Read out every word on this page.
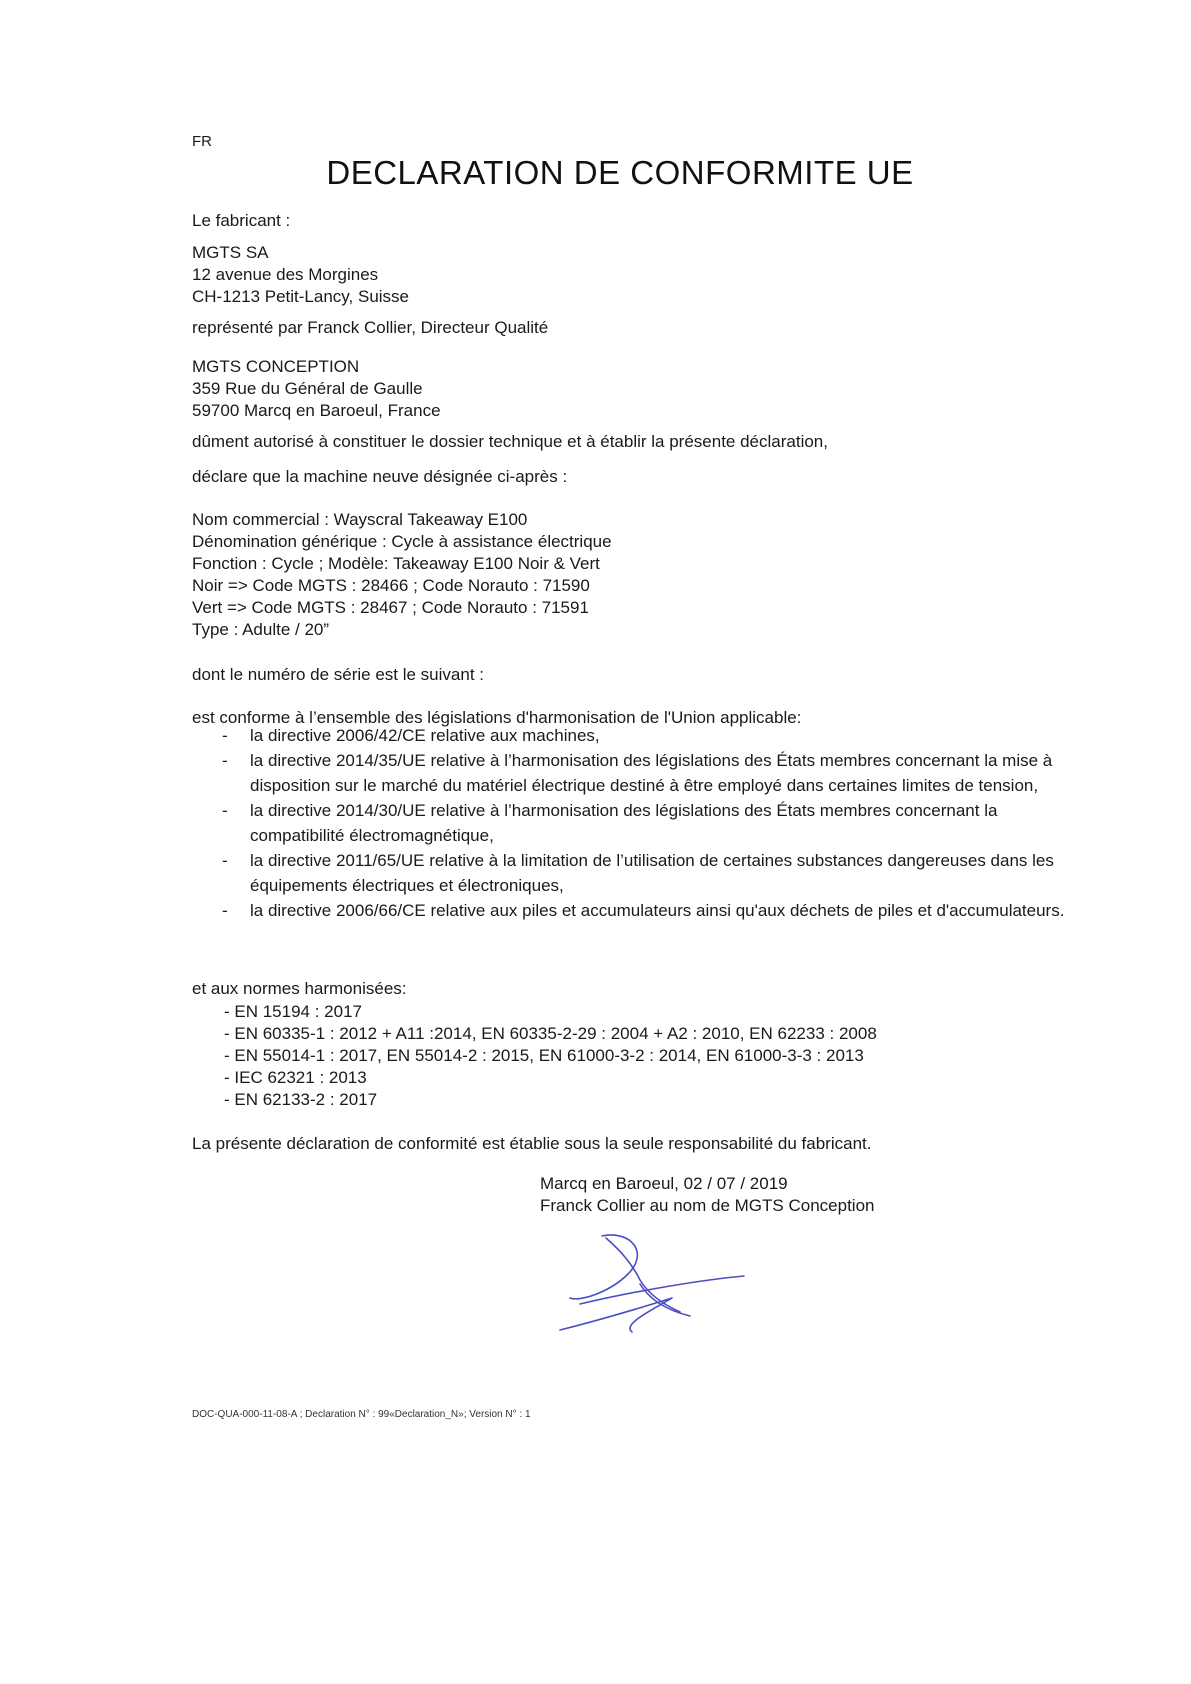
FR

DECLARATION DE CONFORMITE UE

Le fabricant :

MGTS SA
12 avenue des Morgines
CH-1213 Petit-Lancy, Suisse

représenté par Franck Collier, Directeur Qualité

MGTS CONCEPTION
359 Rue du Général de Gaulle
59700 Marcq en Baroeul, France

dûment autorisé à constituer le dossier technique et à établir la présente déclaration,

déclare que la machine neuve désignée ci-après :

Nom commercial : Wayscral Takeaway E100
Dénomination générique : Cycle à assistance électrique
Fonction : Cycle ; Modèle: Takeaway E100 Noir & Vert
Noir => Code MGTS : 28466 ; Code Norauto : 71590
Vert => Code MGTS : 28467 ; Code Norauto : 71591
Type : Adulte / 20”

dont le numéro de série est le suivant :

est conforme à l’ensemble des législations d'harmonisation de l'Union applicable:

- la directive 2006/42/CE relative aux machines,
- la directive 2014/35/UE relative à l’harmonisation des législations des États membres concernant la mise à disposition sur le marché du matériel électrique destiné à être employé dans certaines limites de tension,
- la directive 2014/30/UE relative à l’harmonisation des législations des États membres concernant la compatibilité électromagnétique,
- la directive 2011/65/UE relative à la limitation de l’utilisation de certaines substances dangereuses dans les équipements électriques et électroniques,
- la directive 2006/66/CE relative aux piles et accumulateurs ainsi qu'aux déchets de piles et d'accumulateurs.

et aux normes harmonisées:

- EN 15194 : 2017
- EN 60335-1 : 2012 + A11 :2014, EN 60335-2-29 : 2004 + A2 : 2010, EN 62233 : 2008
- EN 55014-1 : 2017, EN 55014-2 : 2015, EN 61000-3-2 : 2014, EN 61000-3-3 : 2013
- IEC 62321 : 2013
- EN 62133-2 : 2017

La présente déclaration de conformité est établie sous la seule responsabilité du fabricant.

Marcq en Baroeul, 02 / 07 / 2019
Franck Collier au nom de MGTS Conception

DOC-QUA-000-11-08-A ; Declaration N° : 99«Declaration_N»; Version N° : 1
